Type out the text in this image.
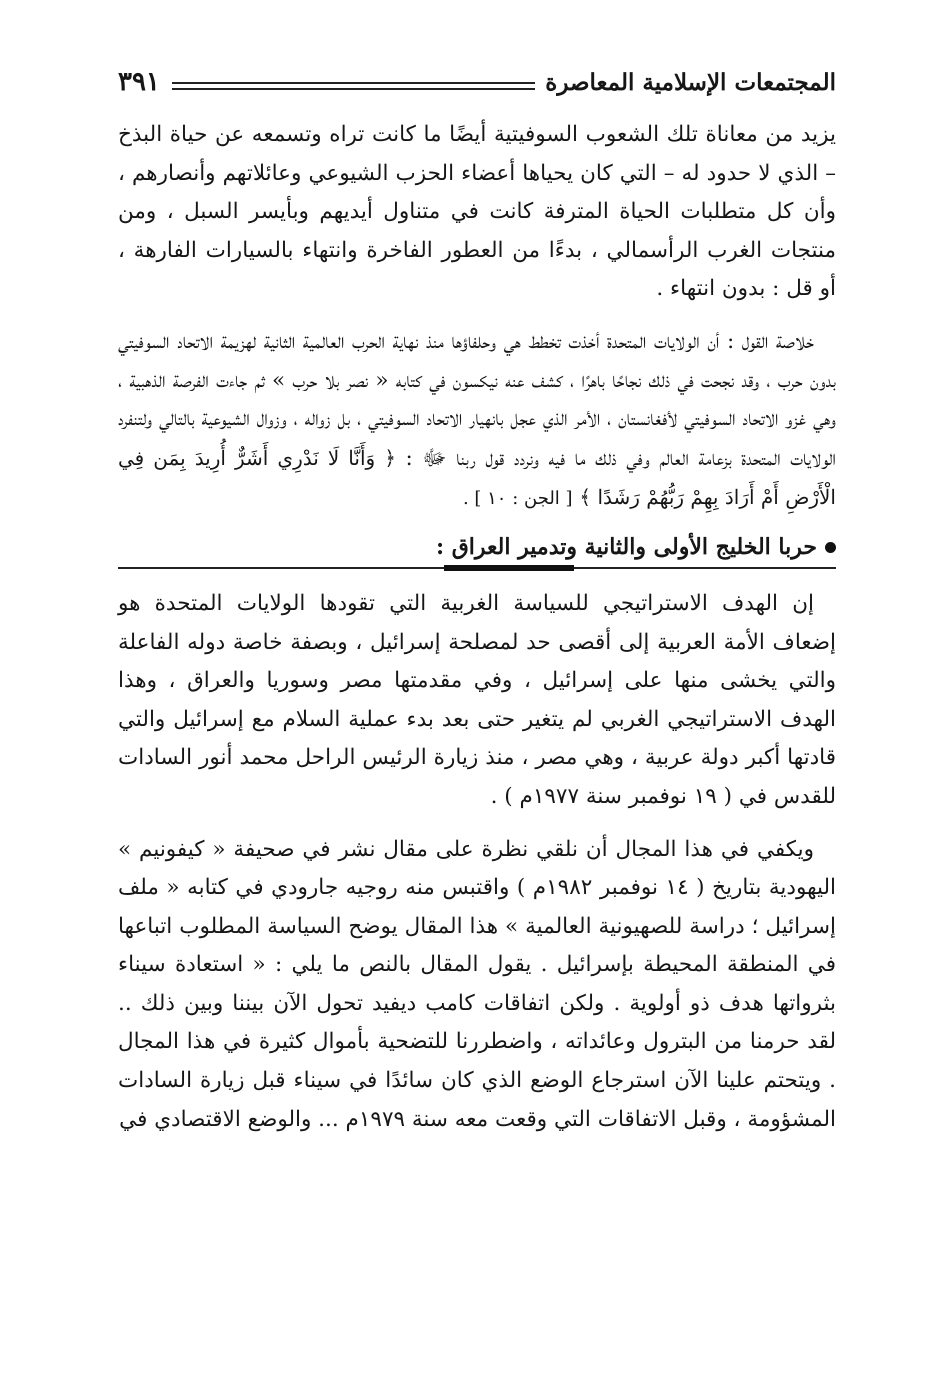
المجتمعات الإسلامية المعاصرة
٣٩١

يزيد من معاناة تلك الشعوب السوفيتية أيضًا ما كانت تراه وتسمعه عن حياة البذخ – الذي لا حدود له – التي كان يحياها أعضاء الحزب الشيوعي وعائلاتهم وأنصارهم ، وأن كل متطلبات الحياة المترفة كانت في متناول أيديهم وبأيسر السبل ، ومن منتجات الغرب الرأسمالي ، بدءًا من العطور الفاخرة وانتهاء بالسيارات الفارهة ، أو قل : بدون انتهاء .

خلاصة القول : أن الولايات المتحدة أخذت تخطط هي وحلفاؤها منذ نهاية الحرب العالمية الثانية لهزيمة الاتحاد السوفيتي بدون حرب ، وقد نجحت في ذلك نجاحًا باهرًا ، كشف عنه نيكسون في كتابه « نصر بلا حرب » ثم جاءت الفرصة الذهبية ، وهي غزو الاتحاد السوفيتي لأفغانستان ، الأمر الذي عجل بانهيار الاتحاد السوفيتي ، بل زواله ، وزوال الشيوعية بالتالي ولتنفرد الولايات المتحدة بزعامة العالم وفي ذلك ما فيه ونردد قول ربنا ﷻ : ﴿ وَأَنَّا لَا نَدْرِي أَشَرٌّ أُرِيدَ بِمَن فِي الْأَرْضِ أَمْ أَرَادَ بِهِمْ رَبُّهُمْ رَشَدًا ﴾ [ الجن : ١٠ ] .

حربا الخليج الأولى والثانية وتدمير العراق :

إن الهدف الاستراتيجي للسياسة الغربية التي تقودها الولايات المتحدة هو إضعاف الأمة العربية إلى أقصى حد لمصلحة إسرائيل ، وبصفة خاصة دوله الفاعلة والتي يخشى منها على إسرائيل ، وفي مقدمتها مصر وسوريا والعراق ، وهذا الهدف الاستراتيجي الغربي لم يتغير حتى بعد بدء عملية السلام مع إسرائيل والتي قادتها أكبر دولة عربية ، وهي مصر ، منذ زيارة الرئيس الراحل محمد أنور السادات للقدس في ( ١٩ نوفمبر سنة ١٩٧٧م ) .

ويكفي في هذا المجال أن نلقي نظرة على مقال نشر في صحيفة « كيفونيم » اليهودية بتاريخ ( ١٤ نوفمبر ١٩٨٢م ) واقتبس منه روجيه جارودي في كتابه « ملف إسرائيل ؛ دراسة للصهيونية العالمية » هذا المقال يوضح السياسة المطلوب اتباعها في المنطقة المحيطة بإسرائيل . يقول المقال بالنص ما يلي : « استعادة سيناء بثرواتها هدف ذو أولوية . ولكن اتفاقات كامب ديفيد تحول الآن بيننا وبين ذلك .. لقد حرمنا من البترول وعائداته ، واضطررنا للتضحية بأموال كثيرة في هذا المجال . ويتحتم علينا الآن استرجاع الوضع الذي كان سائدًا في سيناء قبل زيارة السادات المشؤومة ، وقبل الاتفاقات التي وقعت معه سنة ١٩٧٩م ... والوضع الاقتصادي في
